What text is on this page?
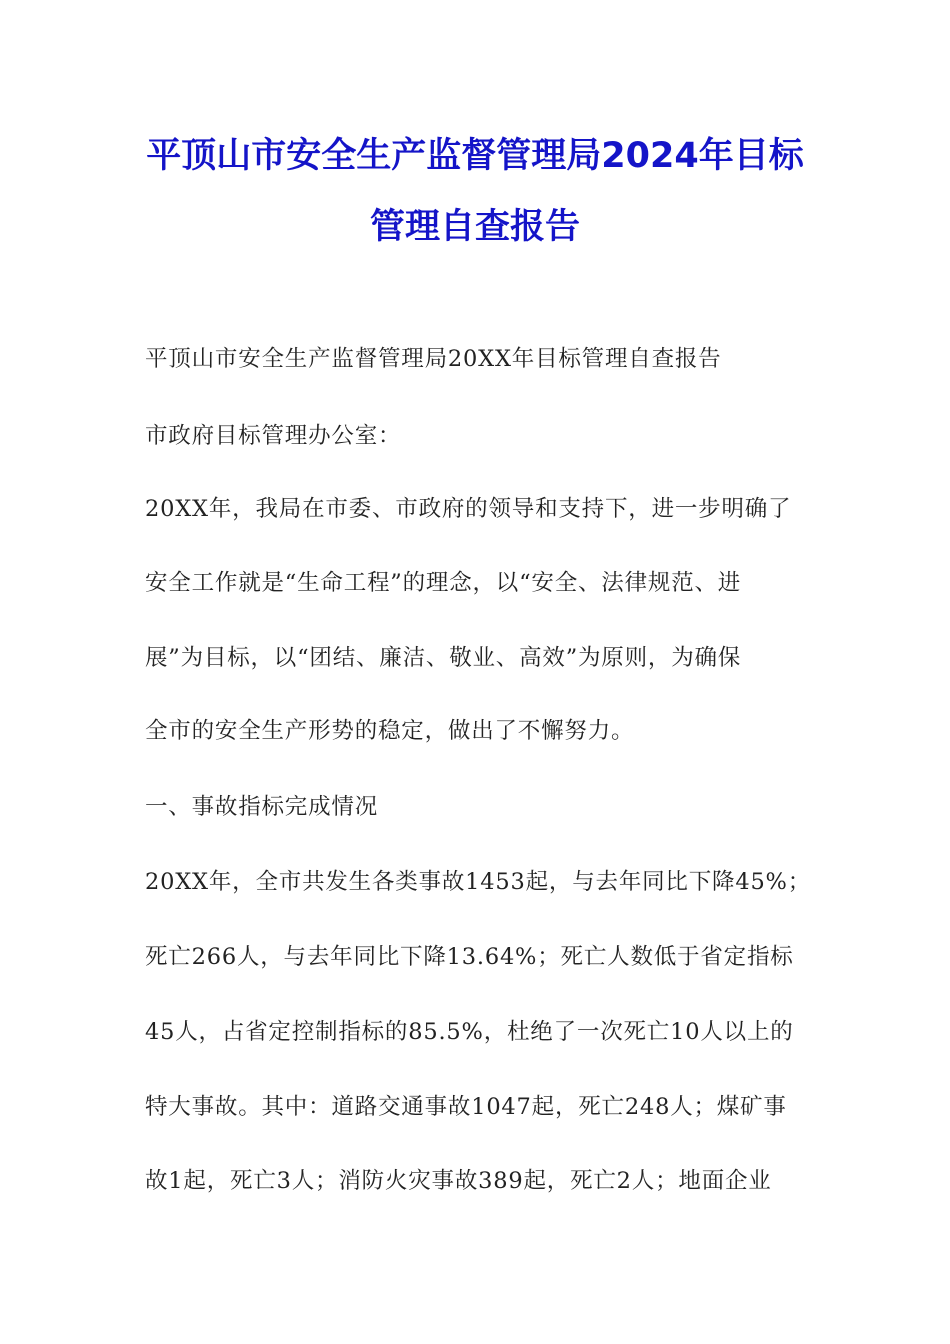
平顶山市安全生产监督管理局2024年目标
管理自查报告
平顶山市安全生产监督管理局20XX年目标管理自查报告
市政府目标管理办公室：
20XX年，我局在市委、市政府的领导和支持下，进一步明确了
安全工作就是“生命工程”的理念，以“安全、法律规范、进
展”为目标，以“团结、廉洁、敬业、高效”为原则，为确保
全市的安全生产形势的稳定，做出了不懈努力。
一、事故指标完成情况
20XX年，全市共发生各类事故1453起，与去年同比下降45%；
死亡266人，与去年同比下降13.64%；死亡人数低于省定指标
45人，占省定控制指标的85.5%，杜绝了一次死亡10人以上的
特大事故。其中：道路交通事故1047起，死亡248人；煤矿事
故1起，死亡3人；消防火灾事故389起，死亡2人；地面企业
